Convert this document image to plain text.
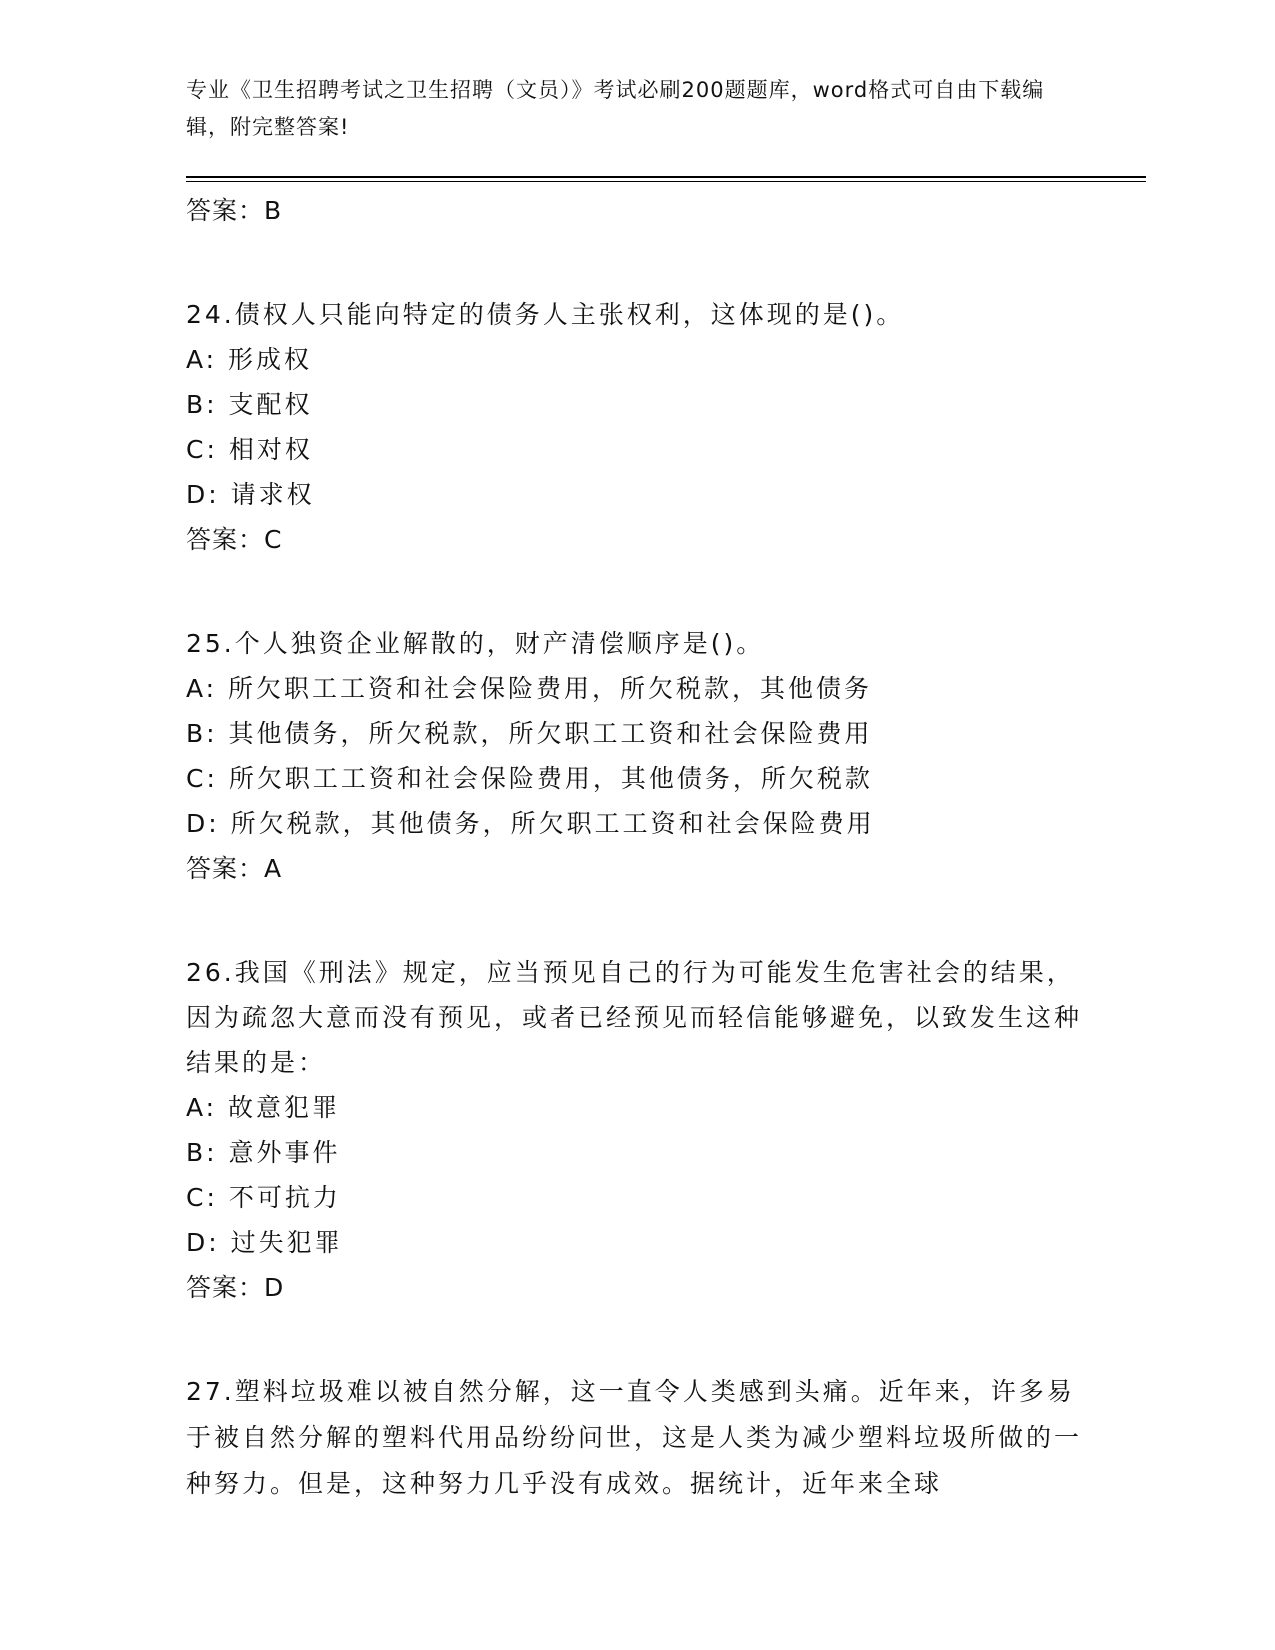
专业《卫生招聘考试之卫生招聘（文员）》考试必刷200题题库，word格式可自由下载编辑，附完整答案!
答案：B
24.债权人只能向特定的债务人主张权利，这体现的是()。
A: 形成权
B: 支配权
C: 相对权
D: 请求权
答案：C
25.个人独资企业解散的，财产清偿顺序是()。
A: 所欠职工工资和社会保险费用，所欠税款，其他债务
B: 其他债务，所欠税款，所欠职工工资和社会保险费用
C: 所欠职工工资和社会保险费用，其他债务，所欠税款
D: 所欠税款，其他债务，所欠职工工资和社会保险费用
答案：A
26.我国《刑法》规定，应当预见自己的行为可能发生危害社会的结果，因为疏忽大意而没有预见，或者已经预见而轻信能够避免，以致发生这种结果的是：
A: 故意犯罪
B: 意外事件
C: 不可抗力
D: 过失犯罪
答案：D
27.塑料垃圾难以被自然分解，这一直令人类感到头痛。近年来，许多易于被自然分解的塑料代用品纷纷问世，这是人类为减少塑料垃圾所做的一种努力。但是，这种努力几乎没有成效。据统计，近年来全球
